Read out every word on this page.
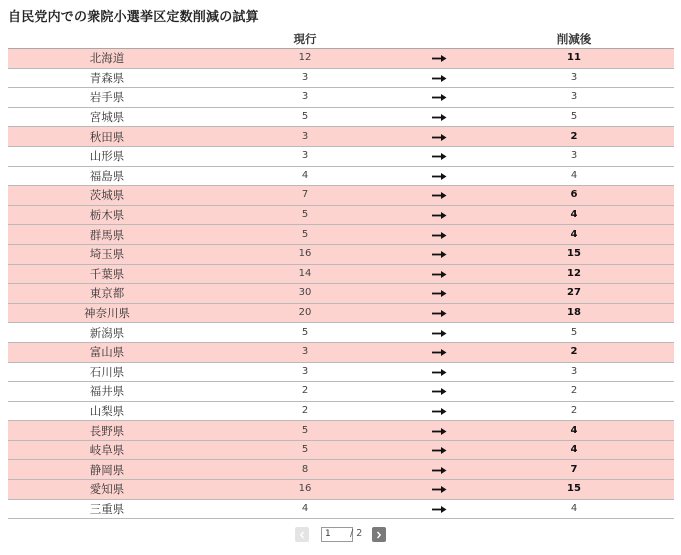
自民党内での衆院小選挙区定数削減の試算
	現行		削減後
北海道	12		11
青森県	3		3
岩手県	3		3
宮城県	5		5
秋田県	3		2
山形県	3		3
福島県	4		4
茨城県	7		6
栃木県	5		4
群馬県	5		4
埼玉県	16		15
千葉県	14		12
東京都	30		27
神奈川県	20		18
新潟県	5		5
富山県	3		2
石川県	3		3
福井県	2		2
山梨県	2		2
長野県	5		4
岐阜県	5		4
静岡県	8		7
愛知県	16		15
三重県	4		4
1
/ 2
